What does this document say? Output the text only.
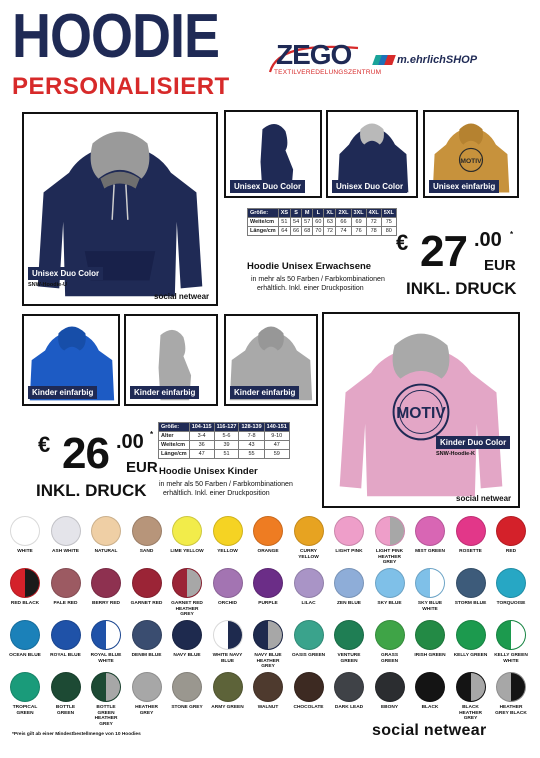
HOODIE
PERSONALISIERT
ZEGO
TEXTILVEREDELUNGSZENTRUM
m.ehrlichSHOP
Unisex Duo Color
SNW-Hoodie-U
social netwear
Unisex Duo Color	Unisex Duo Color
MOTIV
Unisex einfarbig
Größe:	XS	S	M	L	XL	2XL	3XL	4XL	5XL
Weite/cm	51	54	57	60	63	66	69	72	75
Länge/cm	64	66	68	70	72	74	76	78	80
Hoodie Unisex Erwachsene
in mehr als 50 Farben / Farbkombinationen
erhältlich. Inkl. einer Druckposition
€ 27 .00 *
EUR
INKL. DRUCK
Kinder einfarbig	Kinder einfarbig	Kinder einfarbig
MOTIV
Kinder Duo Color
SNW-Hoodie-K
social netwear
Größe:	104-115	116-127	128-139	140-151
Alter	3-4	5-6	7-8	9-10
Weite/cm	36	39	43	47
Länge/cm	47	51	55	59
Hoodie Unisex Kinder
in mehr als 50 Farben / Farbkombinationen
erhältlich. Inkl. einer Druckposition
€ 26 .00 *
EUR
INKL. DRUCK
WHITE	ASH WHITE	NATURAL	SAND	LIME YELLOW	YELLOW	ORANGE	CURRY YELLOW
LIGHT PINK	LIGHT PINK HEATHER GREY
MIST GREEN	ROSETTE	RED
RED BLACK	PALE RED	BERRY RED	GARNET RED GARNET RED HEATHER GREY
ORCHID	PURPLE	LILAC	ZEN BLUE	SKY BLUE	SKY BLUE WHITE
STORM BLUE	TORQUOISE
OCEAN BLUE	ROYAL BLUE	ROYAL BLUE WHITE
DENIM BLUE	NAVY BLUE	WHITE NAVY BLUE
NAVY BLUE HEATHER GREY
OASIS GREEN	VENTURE GREEN
GRASS GREEN
IRISH GREEN KELLY GREEN KELLY GREEN WHITE
TROPICAL GREEN
BOTTLE GREEN
BOTTLE GREEN HEATHER GREY
HEATHER GREY
STONE GREY ARMY GREEN	WALNUT	CHOCOLATE	DARK LEAD	EBONY	BLACK	BLACK HEATHER GREY
HEATHER GREY BLACK
*Preis gilt ab einer Mindestbestellmenge von 10 Hoodies	social netwear
